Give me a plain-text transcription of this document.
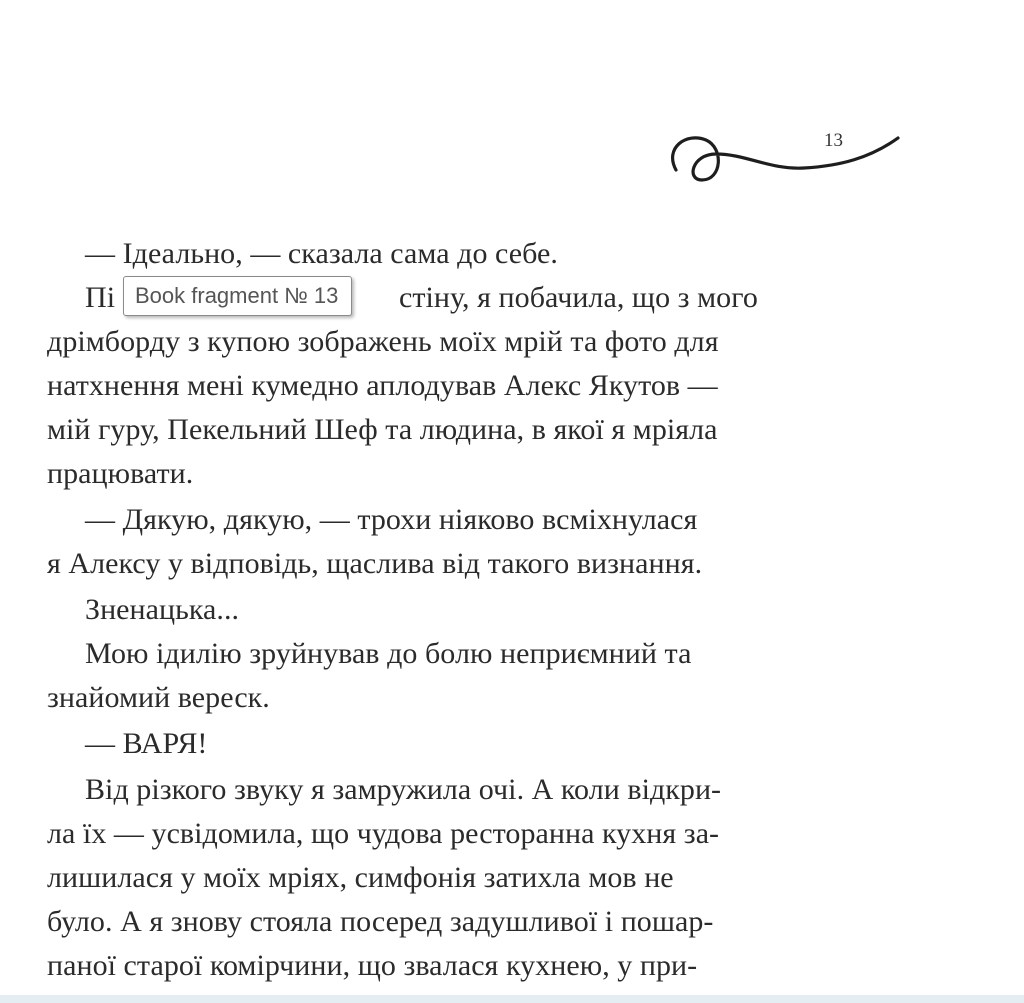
13
— Ідеально, — сказала сама до себе.
Пі	стіну, я побачила, що з мого
дрімборду з купою зображень моїх мрій та фото для
натхнення мені кумедно аплодував Алекс Якутов —
мій гуру, Пекельний Шеф та людина, в якої я мріяла
працювати.
— Дякую, дякую, — трохи ніяково всміхнулася
я Алексу у відповідь, щаслива від такого визнання.
Зненацька...
Мою ідилію зруйнував до болю неприємний та
знайомий вереск.
— ВАРЯ!
Від різкого звуку я замружила очі. А коли відкри-
ла їх — усвідомила, що чудова ресторанна кухня за-
лишилася у моїх мріях, симфонія затихла мов не
було. А я знову стояла посеред задушливої і пошар-
паної старої комірчини, що звалася кухнею, у при-
Book fragment № 13
